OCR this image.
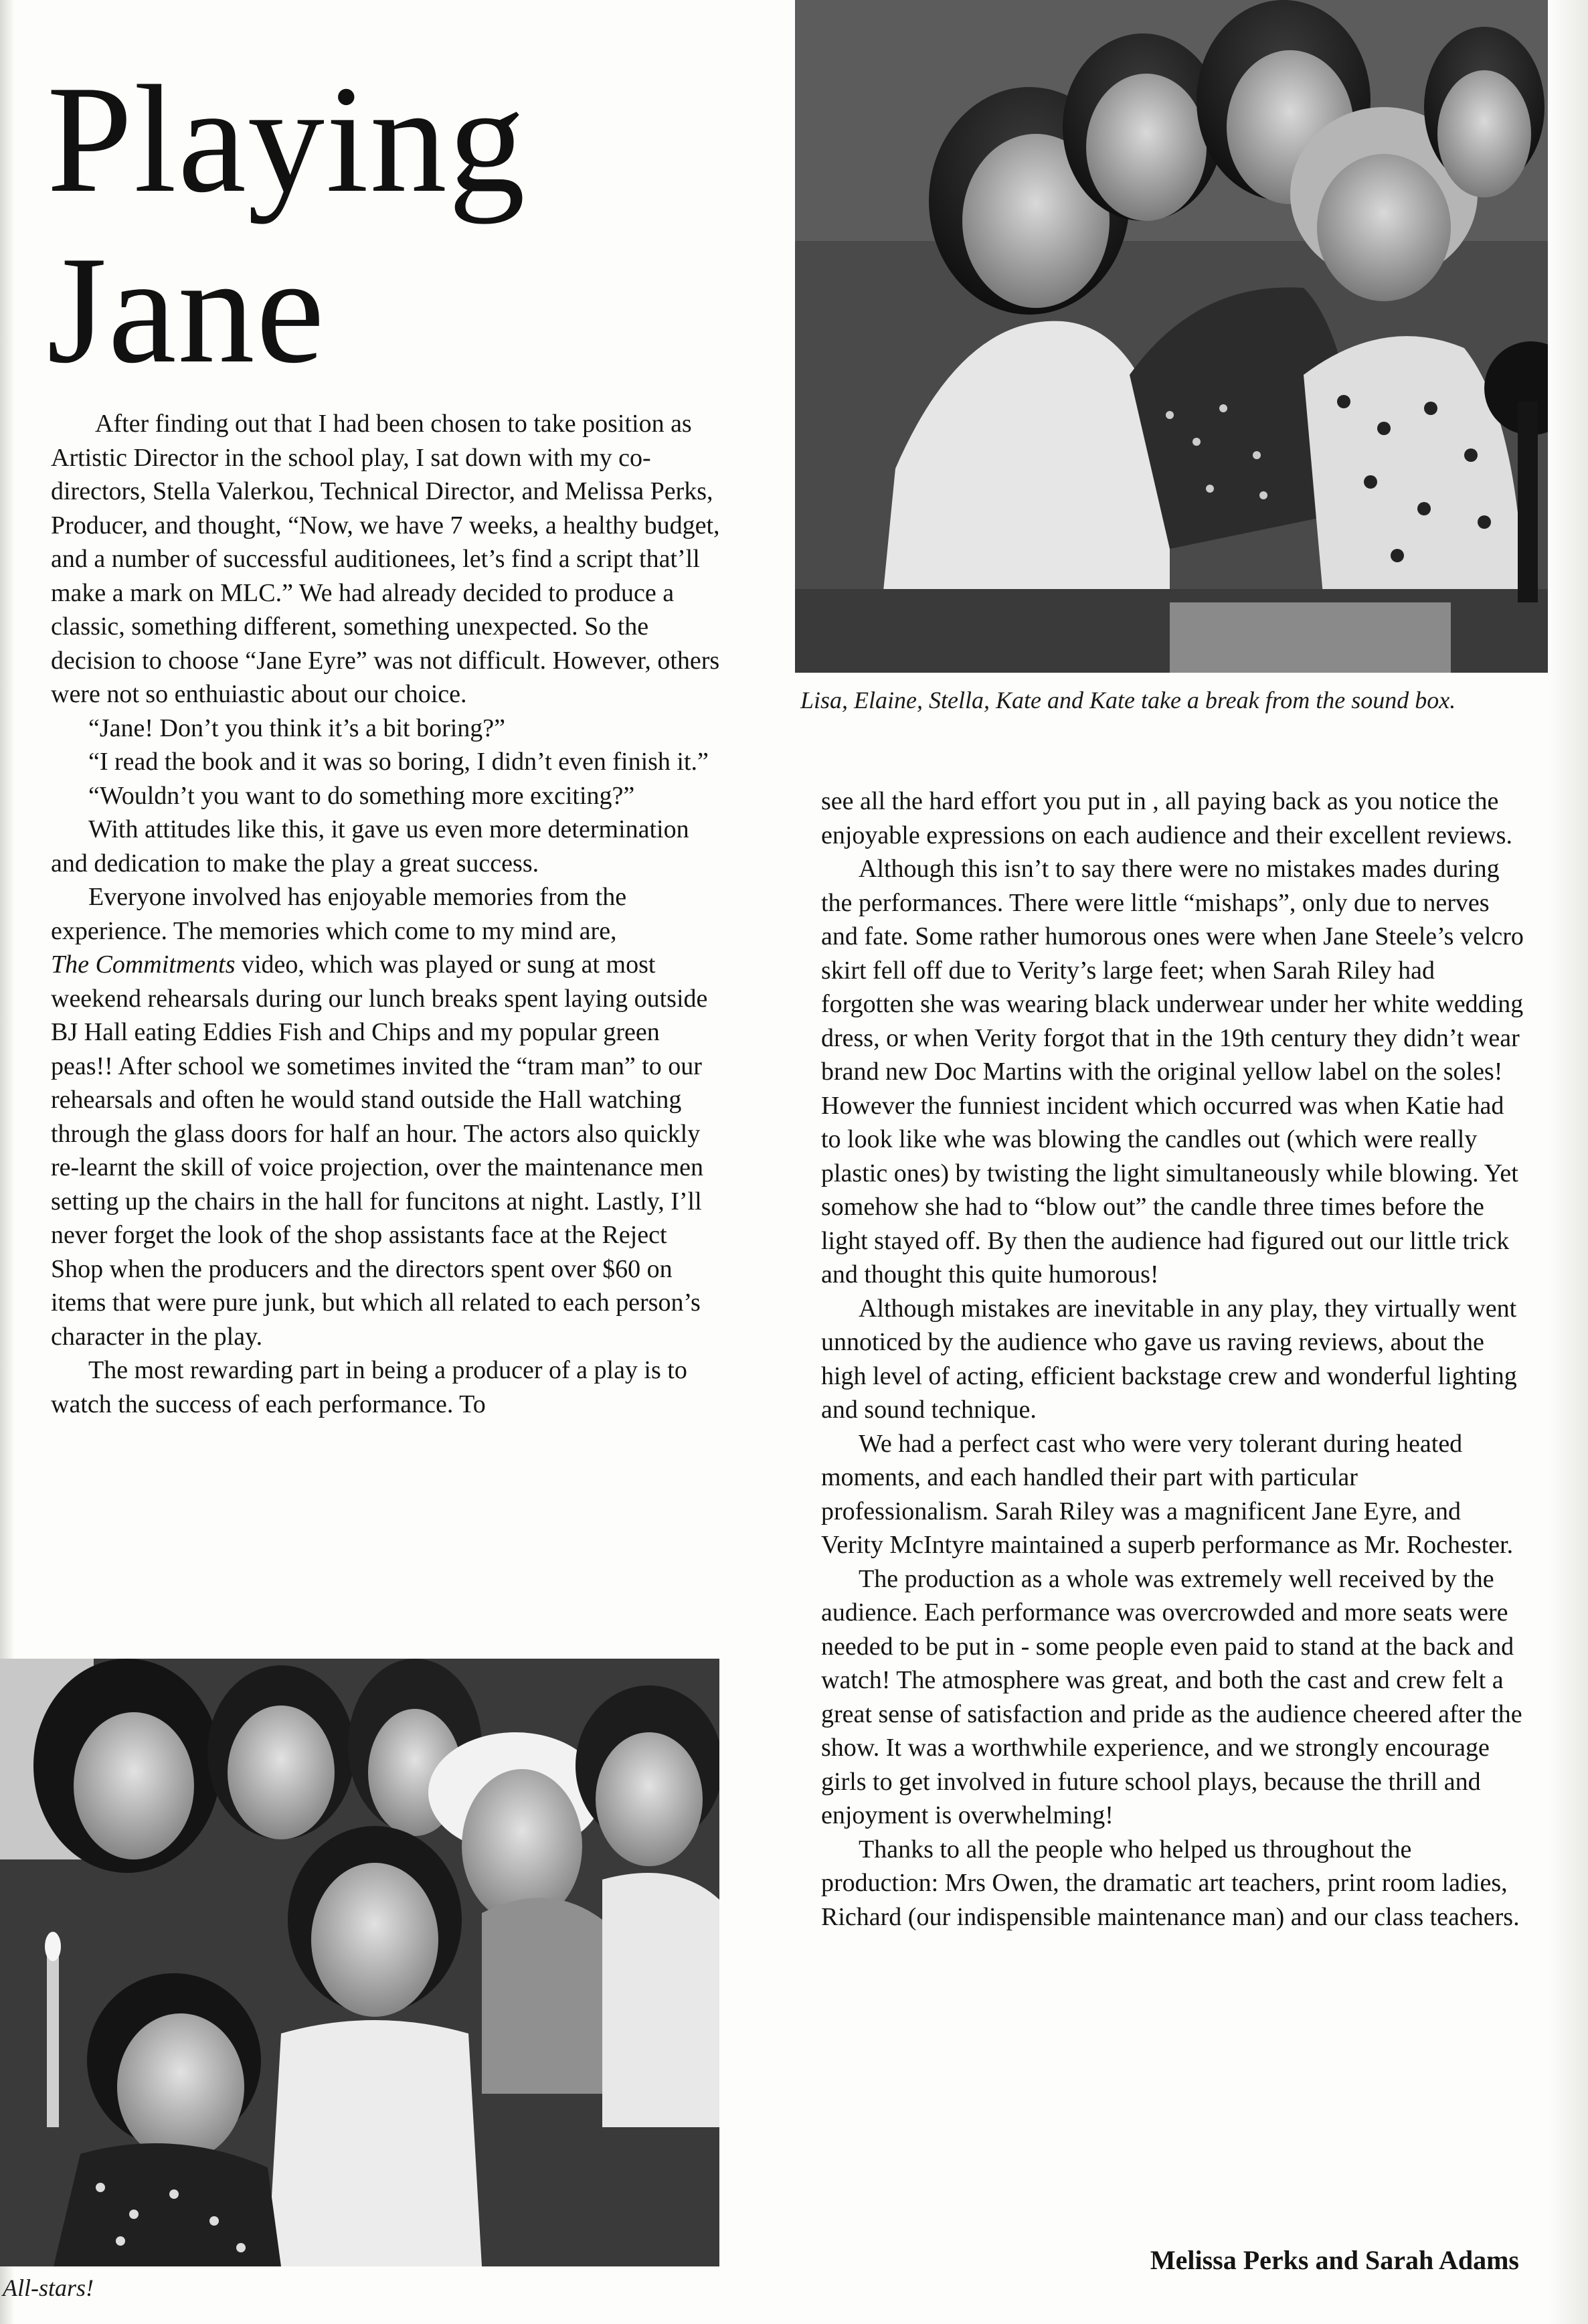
Playing
Jane
Lisa, Elaine, Stella, Kate and Kate take a break from the sound box.

After finding out that I had been chosen to take position as Artistic Director in the school play, I sat down with my co-directors, Stella Valerkou, Technical Director, and Melissa Perks, Producer, and thought, “Now, we have 7 weeks, a healthy budget, and a number of successful auditionees, let’s find a script that’ll make a mark on MLC.” We had already decided to produce a classic, something different, something unexpected. So the decision to choose “Jane Eyre” was not difficult. However, others were not so enthuiastic about our choice.

“Jane! Don’t you think it’s a bit boring?”

“I read the book and it was so boring, I didn’t even finish it.”

“Wouldn’t you want to do something more exciting?”

With attitudes like this, it gave us even more determination and dedication to make the play a great success.

Everyone involved has enjoyable memories from the experience. The memories which come to my mind are,

The Commitments video, which was played or sung at most weekend rehearsals during our lunch breaks spent laying outside BJ Hall eating Eddies Fish and Chips and my popular green peas!! After school we sometimes invited the “tram man” to our rehearsals and often he would stand outside the Hall watching through the glass doors for half an hour. The actors also quickly re-learnt the skill of voice projection, over the maintenance men setting up the chairs in the hall for funcitons at night. Lastly, I’ll never forget the look of the shop assistants face at the Reject Shop when the producers and the directors spent over $60 on items that were pure junk, but which all related to each person’s character in the play.

The most rewarding part in being a producer of a play is to watch the success of each performance. To

All-stars!

see all the hard effort you put in , all paying back as you notice the enjoyable expressions on each audience and their excellent reviews.

Although this isn’t to say there were no mistakes mades during the performances. There were little “mishaps”, only due to nerves and fate. Some rather humorous ones were when Jane Steele’s velcro skirt fell off due to Verity’s large feet; when Sarah Riley had forgotten she was wearing black underwear under her white wedding dress, or when Verity forgot that in the 19th century they didn’t wear brand new Doc Martins with the original yellow label on the soles! However the funniest incident which occurred was when Katie had to look like whe was blowing the candles out (which were really plastic ones) by twisting the light simultaneously while blowing. Yet somehow she had to “blow out” the candle three times before the light stayed off. By then the audience had figured out our little trick and thought this quite humorous!

Although mistakes are inevitable in any play, they virtually went unnoticed by the audience who gave us raving reviews, about the high level of acting, efficient backstage crew and wonderful lighting and sound technique.

We had a perfect cast who were very tolerant during heated moments, and each handled their part with particular professionalism. Sarah Riley was a magnificent Jane Eyre, and Verity McIntyre maintained a superb performance as Mr. Rochester.

The production as a whole was extremely well received by the audience. Each performance was overcrowded and more seats were needed to be put in - some people even paid to stand at the back and watch! The atmosphere was great, and both the cast and crew felt a great sense of satisfaction and pride as the audience cheered after the show. It was a worthwhile experience, and we strongly encourage girls to get involved in future school plays, because the thrill and enjoyment is overwhelming!

Thanks to all the people who helped us throughout the production: Mrs Owen, the dramatic art teachers, print room ladies, Richard (our indispensible maintenance man) and our class teachers.

Melissa Perks and Sarah Adams
